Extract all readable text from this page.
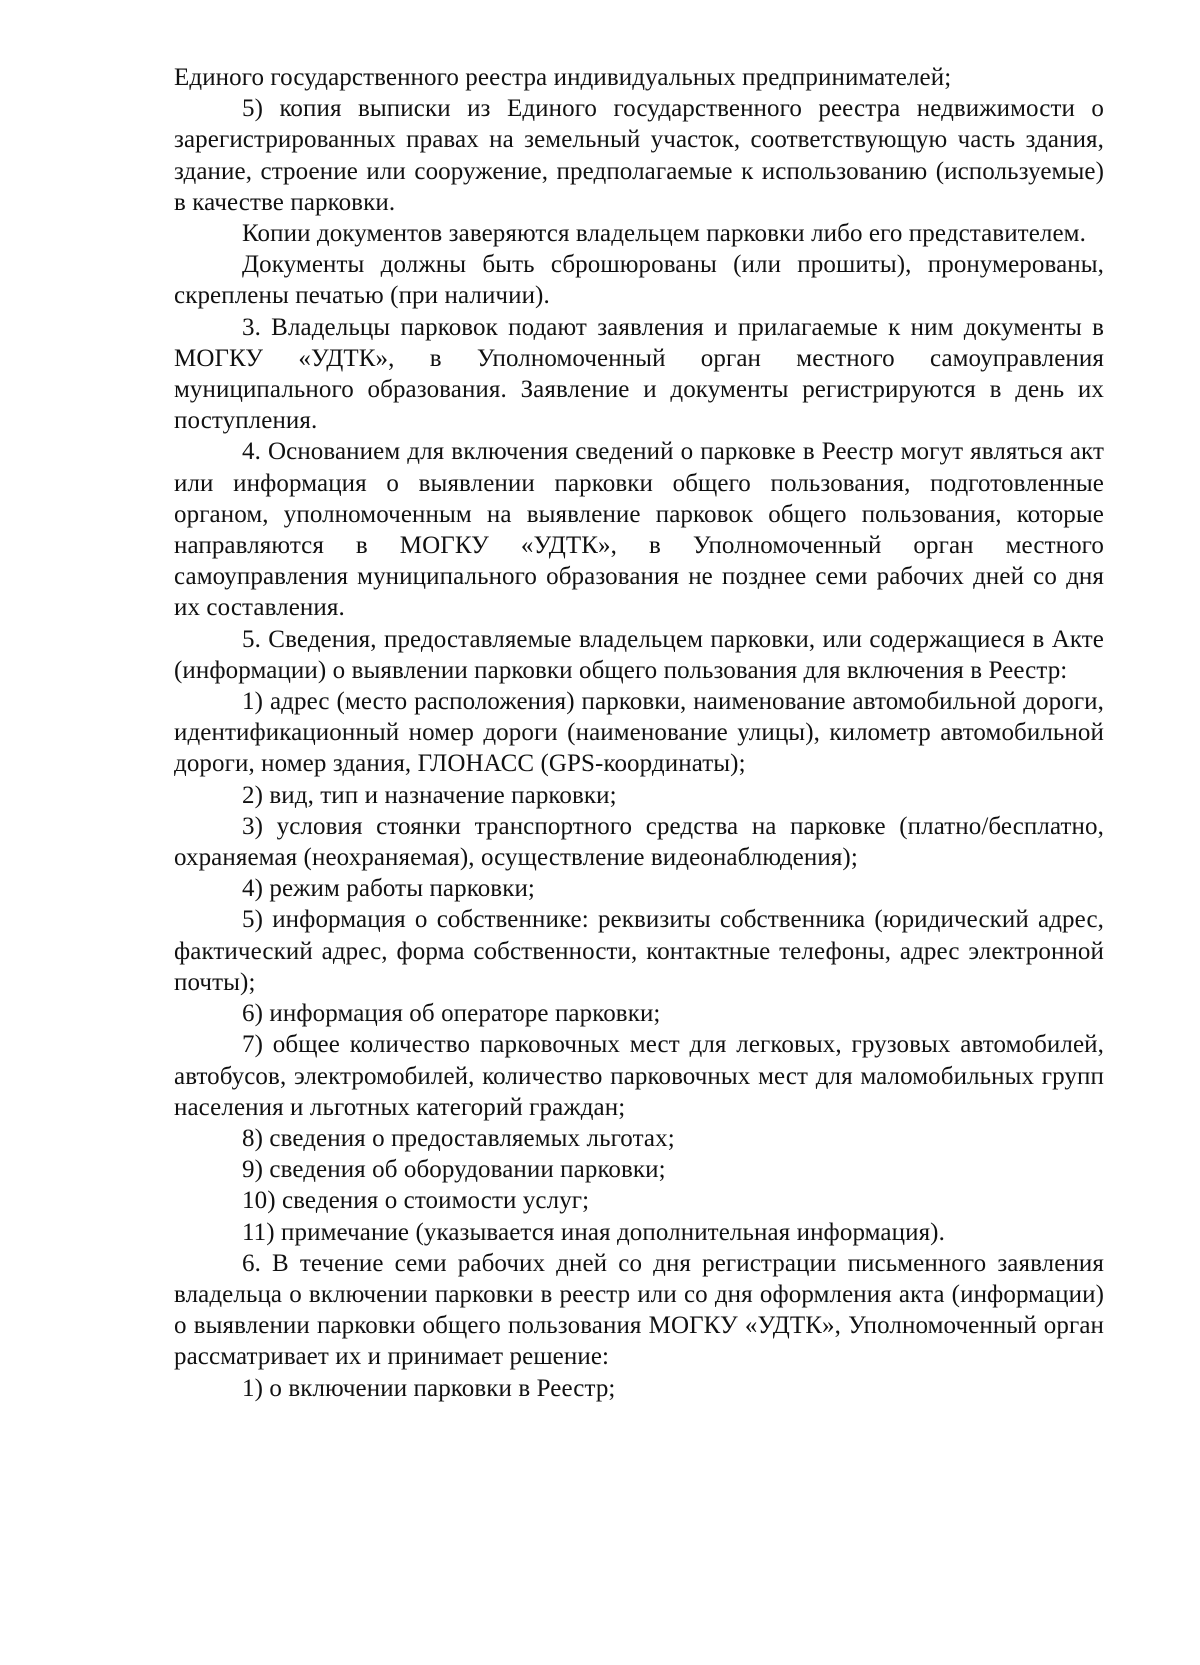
Единого государственного реестра индивидуальных предпринимателей;

5) копия выписки из Единого государственного реестра недвижимости о зарегистрированных правах на земельный участок, соответствующую часть здания, здание, строение или сооружение, предполагаемые к использованию (используемые) в качестве парковки.

Копии документов заверяются владельцем парковки либо его представителем.

Документы должны быть сброшюрованы (или прошиты), пронумерованы, скреплены печатью (при наличии).

3. Владельцы парковок подают заявления и прилагаемые к ним документы в МОГКУ «УДТК», в Уполномоченный орган местного самоуправления муниципального образования. Заявление и документы регистрируются в день их поступления.

4. Основанием для включения сведений о парковке в Реестр могут являться акт или информация о выявлении парковки общего пользования, подготовленные органом, уполномоченным на выявление парковок общего пользования, которые направляются в МОГКУ «УДТК», в Уполномоченный орган местного самоуправления муниципального образования не позднее семи рабочих дней со дня их составления.

5. Сведения, предоставляемые владельцем парковки, или содержащиеся в Акте (информации) о выявлении парковки общего пользования для включения в Реестр:

1) адрес (место расположения) парковки, наименование автомобильной дороги, идентификационный номер дороги (наименование улицы), километр автомобильной дороги, номер здания, ГЛОНАСС (GPS-координаты);

2) вид, тип и назначение парковки;

3) условия стоянки транспортного средства на парковке (платно/бесплатно, охраняемая (неохраняемая), осуществление видеонаблюдения);

4) режим работы парковки;

5) информация о собственнике: реквизиты собственника (юридический адрес, фактический адрес, форма собственности, контактные телефоны, адрес электронной почты);

6) информация об операторе парковки;

7) общее количество парковочных мест для легковых, грузовых автомобилей, автобусов, электромобилей, количество парковочных мест для маломобильных групп населения и льготных категорий граждан;

8) сведения о предоставляемых льготах;

9) сведения об оборудовании парковки;

10) сведения о стоимости услуг;

11) примечание (указывается иная дополнительная информация).

6. В течение семи рабочих дней со дня регистрации письменного заявления владельца о включении парковки в реестр или со дня оформления акта (информации) о выявлении парковки общего пользования МОГКУ «УДТК», Уполномоченный орган рассматривает их и принимает решение:

1) о включении парковки в Реестр;
